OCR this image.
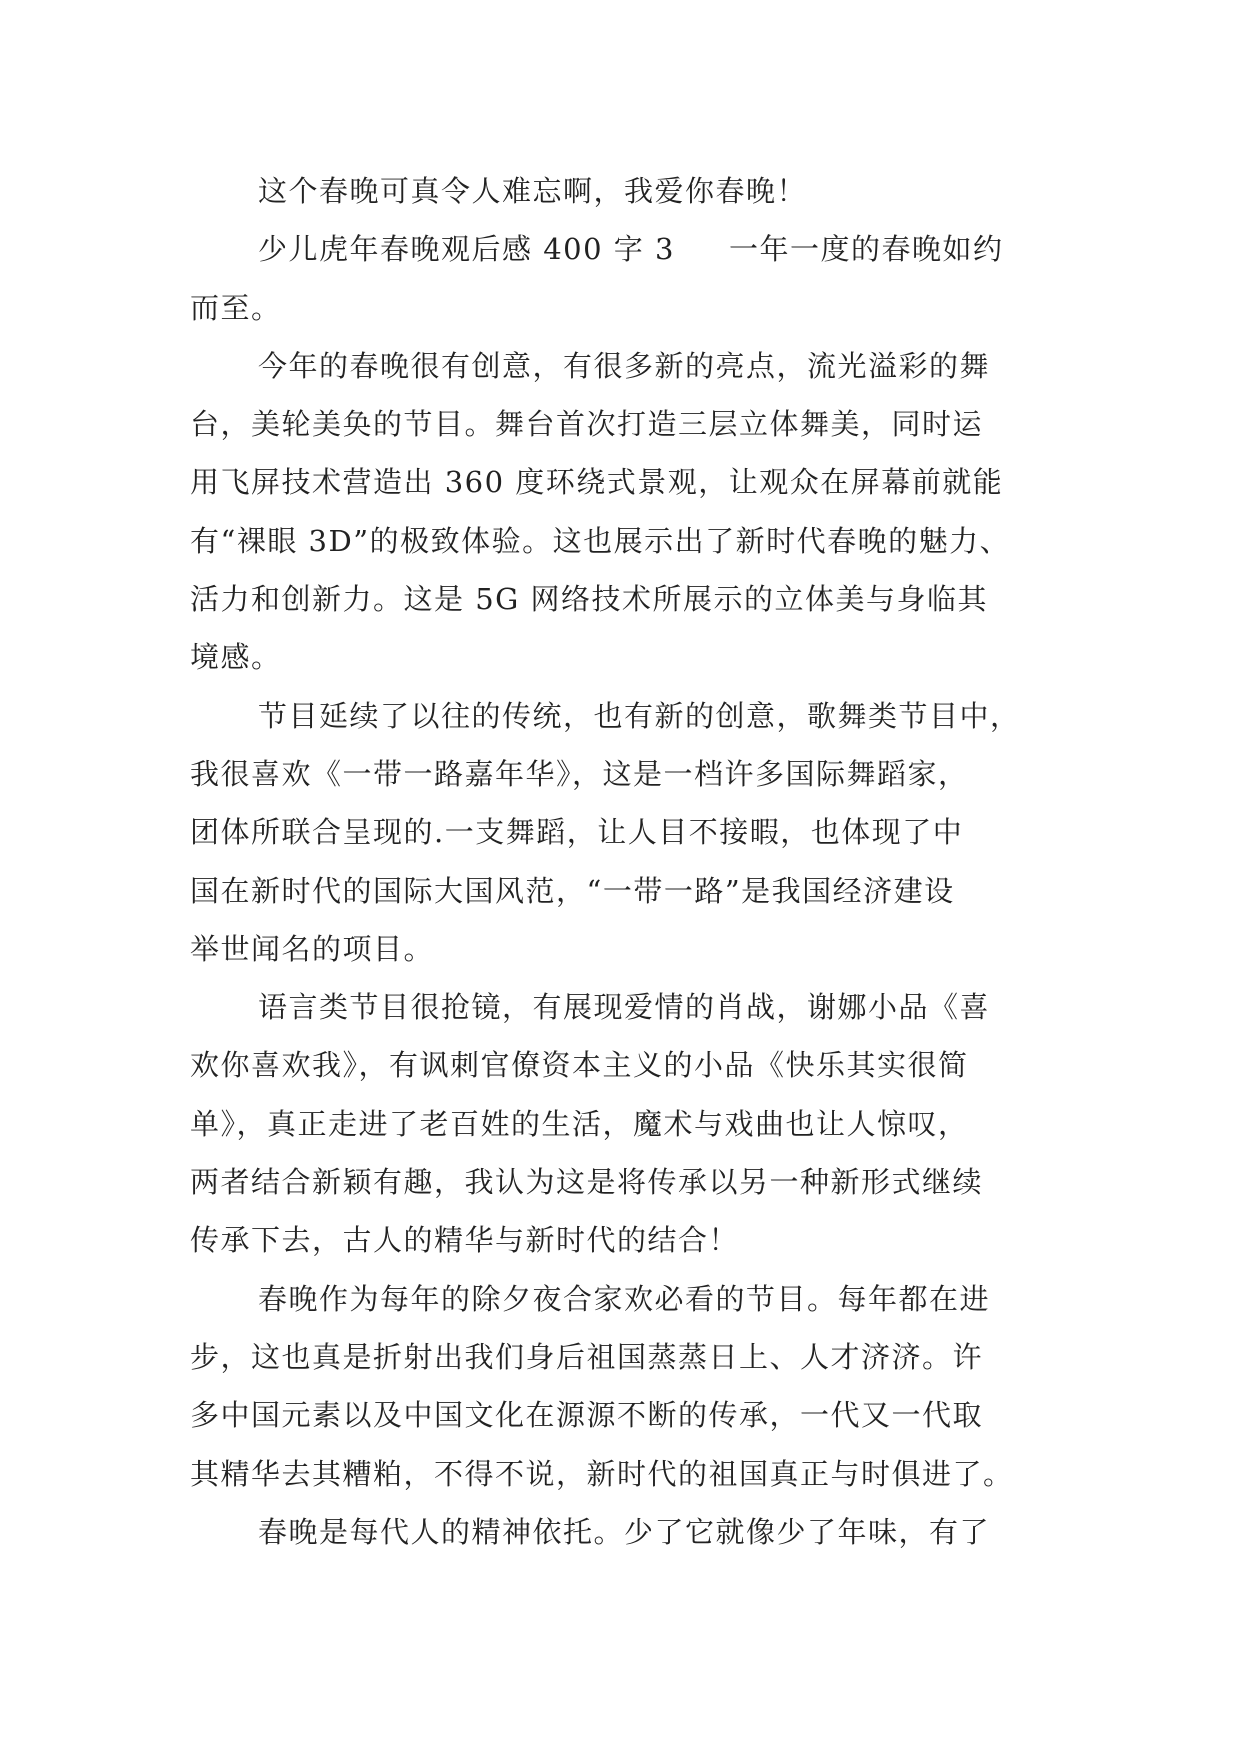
这个春晚可真令人难忘啊，我爱你春晚！

少儿虎年春晚观后感 400 字 3 一年一度的春晚如约
而至。

今年的春晚很有创意，有很多新的亮点，流光溢彩的舞
台，美轮美奂的节目。舞台首次打造三层立体舞美，同时运
用飞屏技术营造出 360 度环绕式景观，让观众在屏幕前就能
有“裸眼 3D”的极致体验。这也展示出了新时代春晚的魅力、
活力和创新力。这是 5G 网络技术所展示的立体美与身临其
境感。

节目延续了以往的传统，也有新的创意，歌舞类节目中，
我很喜欢《一带一路嘉年华》，这是一档许多国际舞蹈家，
团体所联合呈现的.一支舞蹈，让人目不接暇，也体现了中
国在新时代的国际大国风范，“一带一路”是我国经济建设
举世闻名的项目。

语言类节目很抢镜，有展现爱情的肖战，谢娜小品《喜
欢你喜欢我》，有讽刺官僚资本主义的小品《快乐其实很简
单》，真正走进了老百姓的生活，魔术与戏曲也让人惊叹，
两者结合新颖有趣，我认为这是将传承以另一种新形式继续
传承下去，古人的精华与新时代的结合！

春晚作为每年的除夕夜合家欢必看的节目。每年都在进
步，这也真是折射出我们身后祖国蒸蒸日上、人才济济。许
多中国元素以及中国文化在源源不断的传承，一代又一代取
其精华去其糟粕，不得不说，新时代的祖国真正与时俱进了。

春晚是每代人的精神依托。少了它就像少了年味，有了
